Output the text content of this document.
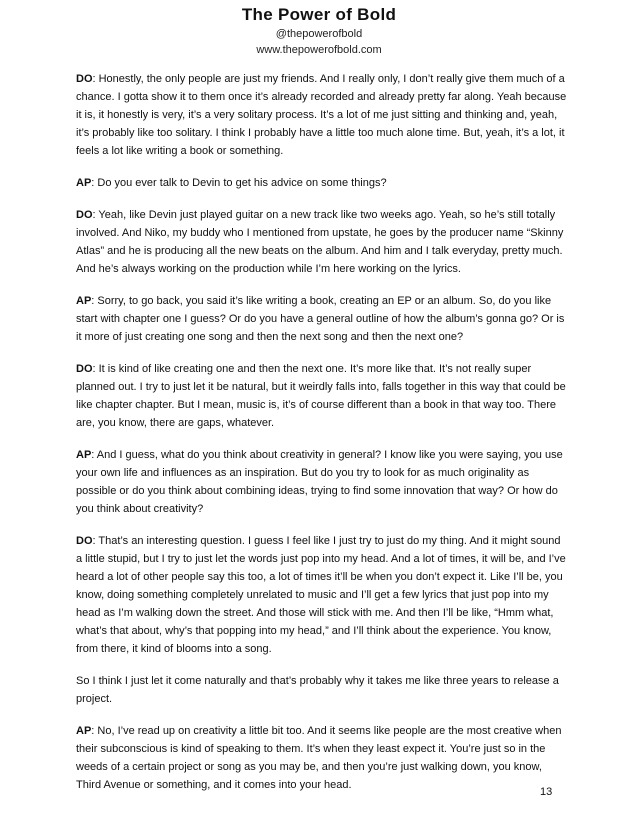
The Power of Bold
@thepowerofbold
www.thepowerofbold.com

DO: Honestly, the only people are just my friends. And I really only, I don’t really give them much of a chance. I gotta show it to them once it’s already recorded and already pretty far along. Yeah because it is, it honestly is very, it’s a very solitary process. It’s a lot of me just sitting and thinking and, yeah, it’s probably like too solitary. I think I probably have a little too much alone time. But, yeah, it’s a lot, it feels a lot like writing a book or something.

AP: Do you ever talk to Devin to get his advice on some things?

DO: Yeah, like Devin just played guitar on a new track like two weeks ago. Yeah, so he’s still totally involved. And Niko, my buddy who I mentioned from upstate, he goes by the producer name “Skinny Atlas” and he is producing all the new beats on the album. And him and I talk everyday, pretty much. And he’s always working on the production while I’m here working on the lyrics.

AP: Sorry, to go back, you said it’s like writing a book, creating an EP or an album. So, do you like start with chapter one I guess? Or do you have a general outline of how the album’s gonna go? Or is it more of just creating one song and then the next song and then the next one?

DO: It is kind of like creating one and then the next one. It’s more like that. It’s not really super planned out. I try to just let it be natural, but it weirdly falls into, falls together in this way that could be like chapter chapter. But I mean, music is, it’s of course different than a book in that way too. There are, you know, there are gaps, whatever.

AP: And I guess, what do you think about creativity in general? I know like you were saying, you use your own life and influences as an inspiration. But do you try to look for as much originality as possible or do you think about combining ideas, trying to find some innovation that way? Or how do you think about creativity?

DO: That’s an interesting question. I guess I feel like I just try to just do my thing. And it might sound a little stupid, but I try to just let the words just pop into my head. And a lot of times, it will be, and I’ve heard a lot of other people say this too, a lot of times it’ll be when you don’t expect it. Like I’ll be, you know, doing something completely unrelated to music and I’ll get a few lyrics that just pop into my head as I’m walking down the street. And those will stick with me. And then I’ll be like, “Hmm what, what’s that about, why’s that popping into my head,” and I’ll think about the experience. You know, from there, it kind of blooms into a song.

So I think I just let it come naturally and that’s probably why it takes me like three years to release a project.

AP: No, I’ve read up on creativity a little bit too. And it seems like people are the most creative when their subconscious is kind of speaking to them. It’s when they least expect it. You’re just so in the weeds of a certain project or song as you may be, and then you’re just walking down, you know, Third Avenue or something, and it comes into your head.

13
